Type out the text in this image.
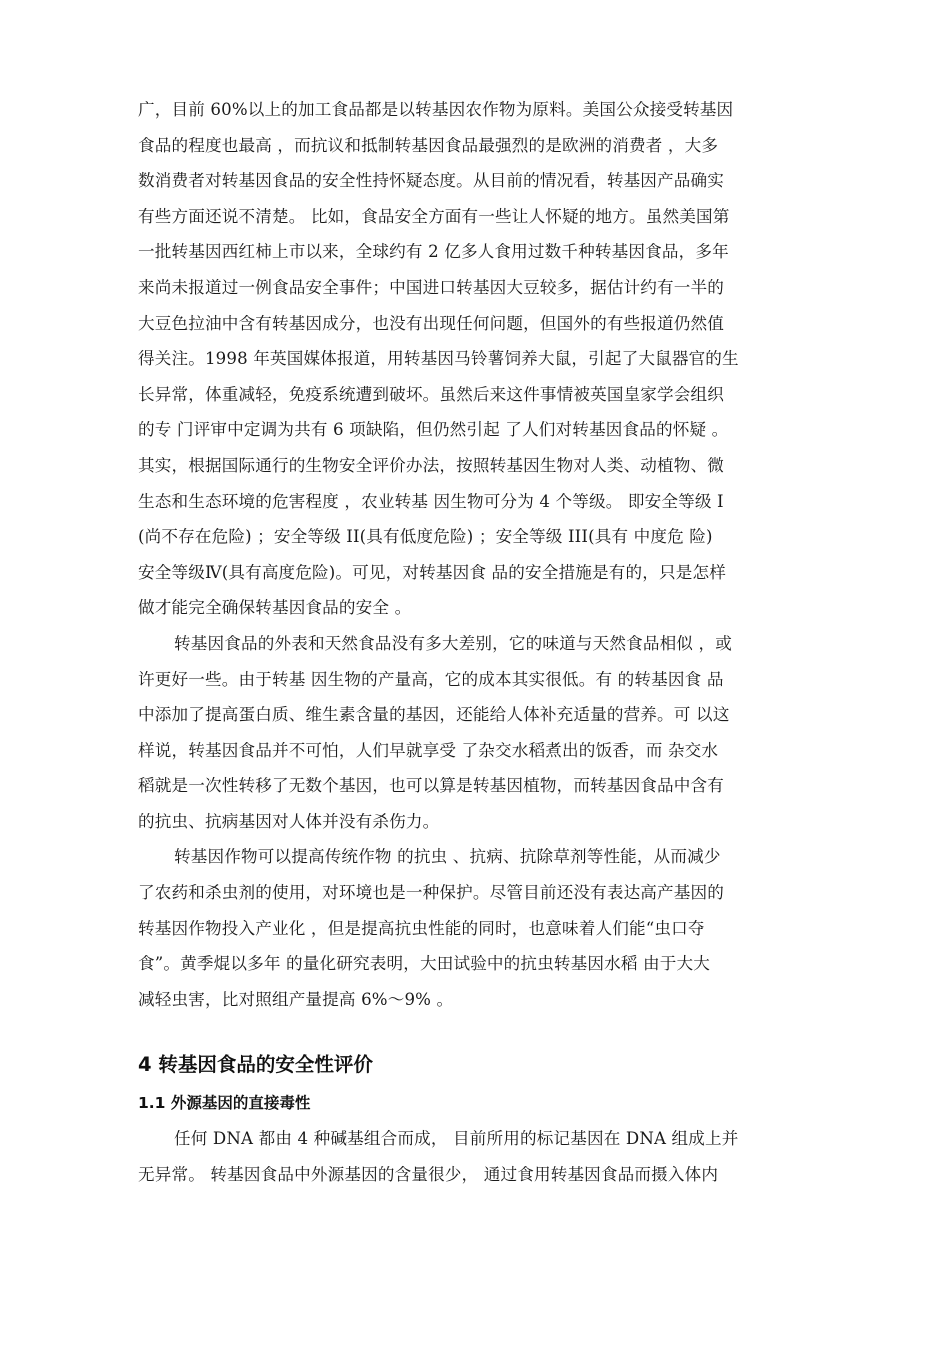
广，目前 60%以上的加工食品都是以转基因农作物为原料。美国公众接受转基因
食品的程度也最高 ，而抗议和抵制转基因食品最强烈的是欧洲的消费者 ，大多
数消费者对转基因食品的安全性持怀疑态度。从目前的情况看，转基因产品确实
有些方面还说不清楚。 比如，食品安全方面有一些让人怀疑的地方。虽然美国第
一批转基因西红柿上市以来，全球约有 2 亿多人食用过数千种转基因食品，多年
来尚未报道过一例食品安全事件；中国进口转基因大豆较多，据估计约有一半的
大豆色拉油中含有转基因成分，也没有出现任何问题，但国外的有些报道仍然值
得关注。1998 年英国媒体报道，用转基因马铃薯饲养大鼠，引起了大鼠器官的生
长异常，体重减轻，免疫系统遭到破坏。虽然后来这件事情被英国皇家学会组织
的专 门评审中定调为共有 6 项缺陷，但仍然引起 了人们对转基因食品的怀疑 。
其实，根据国际通行的生物安全评价办法，按照转基因生物对人类、动植物、微
生态和生态环境的危害程度 ，农业转基 因生物可分为 4 个等级。 即安全等级 I
(尚不存在危险) ；安全等级 II(具有低度危险) ；安全等级 III(具有 中度危 险)
安全等级Ⅳ(具有高度危险)。可见，对转基因食 品的安全措施是有的，只是怎样
做才能完全确保转基因食品的安全 。
转基因食品的外表和天然食品没有多大差别，它的味道与天然食品相似 ，或
许更好一些。由于转基 因生物的产量高，它的成本其实很低。有 的转基因食 品
中添加了提高蛋白质、维生素含量的基因，还能给人体补充适量的营养。可 以这
样说，转基因食品并不可怕，人们早就享受 了杂交水稻煮出的饭香，而 杂交水
稻就是一次性转移了无数个基因，也可以算是转基因植物，而转基因食品中含有
的抗虫、抗病基因对人体并没有杀伤力。
转基因作物可以提高传统作物 的抗虫 、抗病、抗除草剂等性能，从而减少
了农药和杀虫剂的使用，对环境也是一种保护。尽管目前还没有表达高产基因的
转基因作物投入产业化 ，但是提高抗虫性能的同时，也意味着人们能“虫口夺
食”。黄季焜以多年 的量化研究表明，大田试验中的抗虫转基因水稻 由于大大
减轻虫害，比对照组产量提高 6%～9% 。
4 转基因食品的安全性评价
1.1 外源基因的直接毒性
任何 DNA 都由 4 种碱基组合而成， 目前所用的标记基因在 DNA 组成上并
无异常。 转基因食品中外源基因的含量很少， 通过食用转基因食品而摄入体内
